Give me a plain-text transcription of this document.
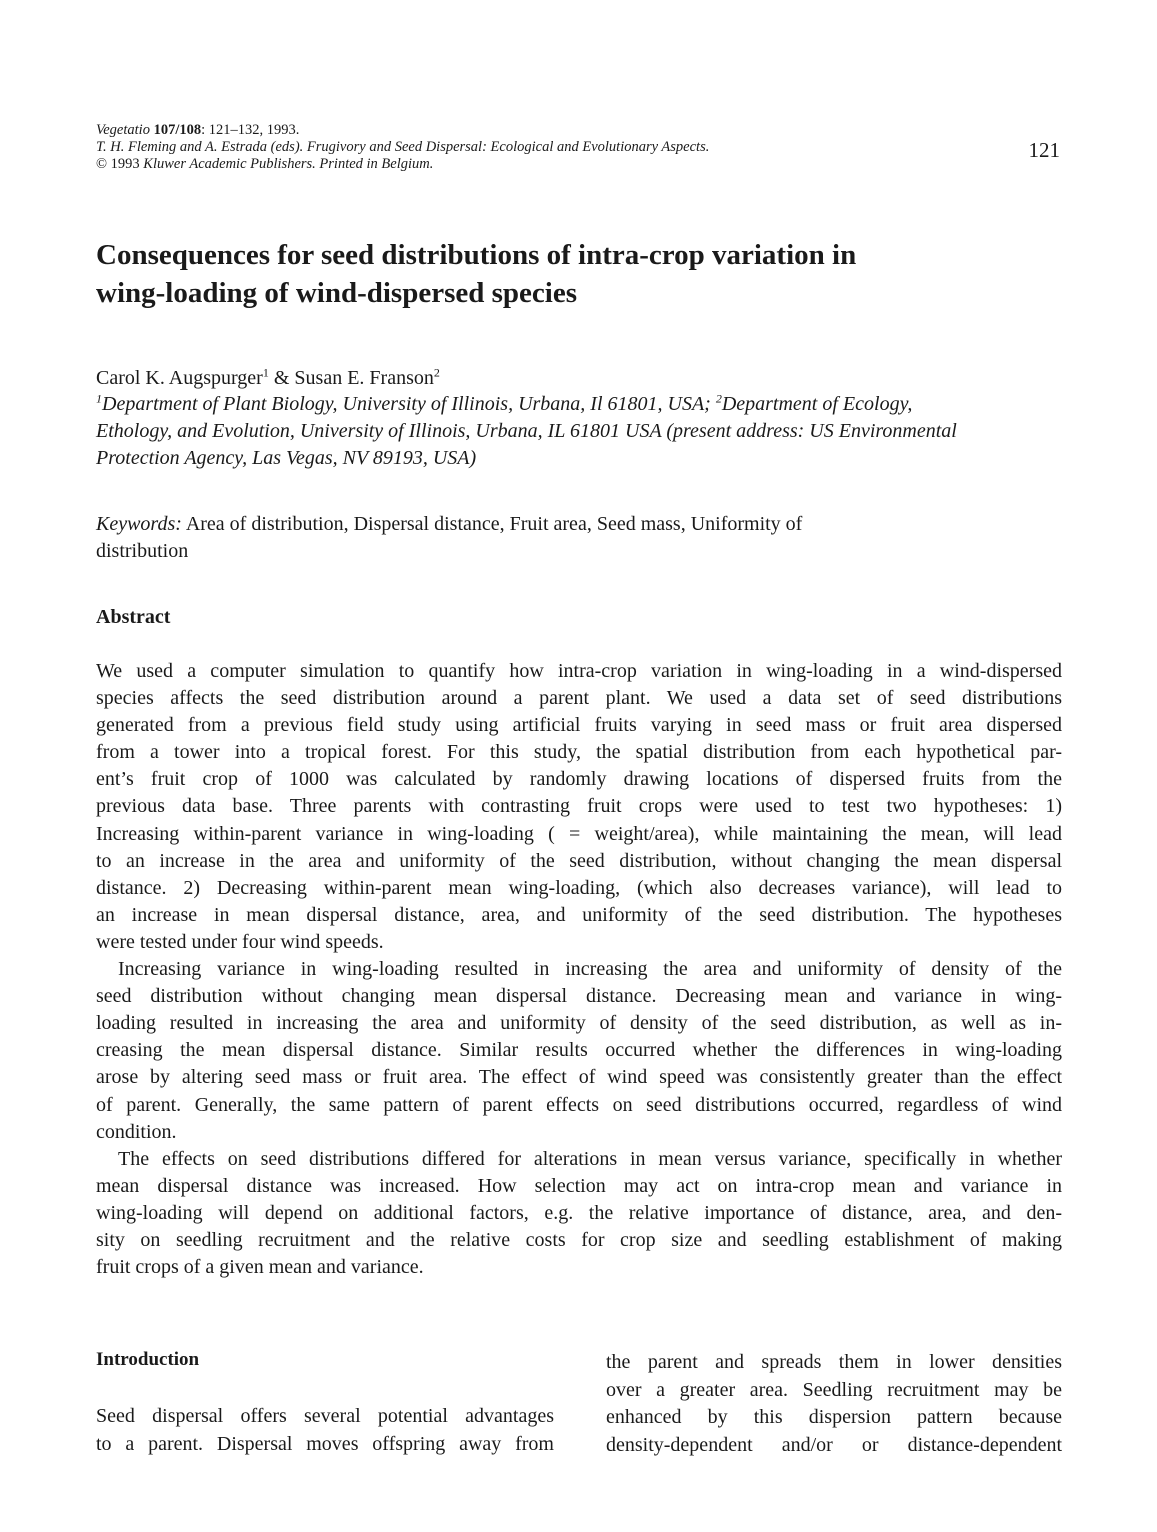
Vegetatio 107/108: 121–132, 1993.
T. H. Fleming and A. Estrada (eds). Frugivory and Seed Dispersal: Ecological and Evolutionary Aspects.
© 1993 Kluwer Academic Publishers. Printed in Belgium.
121
Consequences for seed distributions of intra-crop variation in
wing-loading of wind-dispersed species
Carol K. Augspurger$^1$ & Susan E. Franson$^2$
$^1$Department of Plant Biology, University of Illinois, Urbana, Il 61801, USA; $^2$Department of Ecology,
Ethology, and Evolution, University of Illinois, Urbana, IL 61801 USA (present address: US Environmental
Protection Agency, Las Vegas, NV 89193, USA)
Keywords: Area of distribution, Dispersal distance, Fruit area, Seed mass, Uniformity of
distribution
Abstract
We used a computer simulation to quantify how intra-crop variation in wing-loading in a wind-dispersed
species affects the seed distribution around a parent plant. We used a data set of seed distributions
generated from a previous field study using artificial fruits varying in seed mass or fruit area dispersed
from a tower into a tropical forest. For this study, the spatial distribution from each hypothetical par-
ent’s fruit crop of 1000 was calculated by randomly drawing locations of dispersed fruits from the
previous data base. Three parents with contrasting fruit crops were used to test two hypotheses: 1)
Increasing within-parent variance in wing-loading ( = weight/area), while maintaining the mean, will lead
to an increase in the area and uniformity of the seed distribution, without changing the mean dispersal
distance. 2) Decreasing within-parent mean wing-loading, (which also decreases variance), will lead to
an increase in mean dispersal distance, area, and uniformity of the seed distribution. The hypotheses
were tested under four wind speeds.
Increasing variance in wing-loading resulted in increasing the area and uniformity of density of the
seed distribution without changing mean dispersal distance. Decreasing mean and variance in wing-
loading resulted in increasing the area and uniformity of density of the seed distribution, as well as in-
creasing the mean dispersal distance. Similar results occurred whether the differences in wing-loading
arose by altering seed mass or fruit area. The effect of wind speed was consistently greater than the effect
of parent. Generally, the same pattern of parent effects on seed distributions occurred, regardless of wind
condition.
The effects on seed distributions differed for alterations in mean versus variance, specifically in whether
mean dispersal distance was increased. How selection may act on intra-crop mean and variance in
wing-loading will depend on additional factors, e.g. the relative importance of distance, area, and den-
sity on seedling recruitment and the relative costs for crop size and seedling establishment of making
fruit crops of a given mean and variance.
Introduction
Seed dispersal offers several potential advantages
to a parent. Dispersal moves offspring away from
the parent and spreads them in lower densities
over a greater area. Seedling recruitment may be
enhanced by this dispersion pattern because
density-dependent and/or or distance-dependent
